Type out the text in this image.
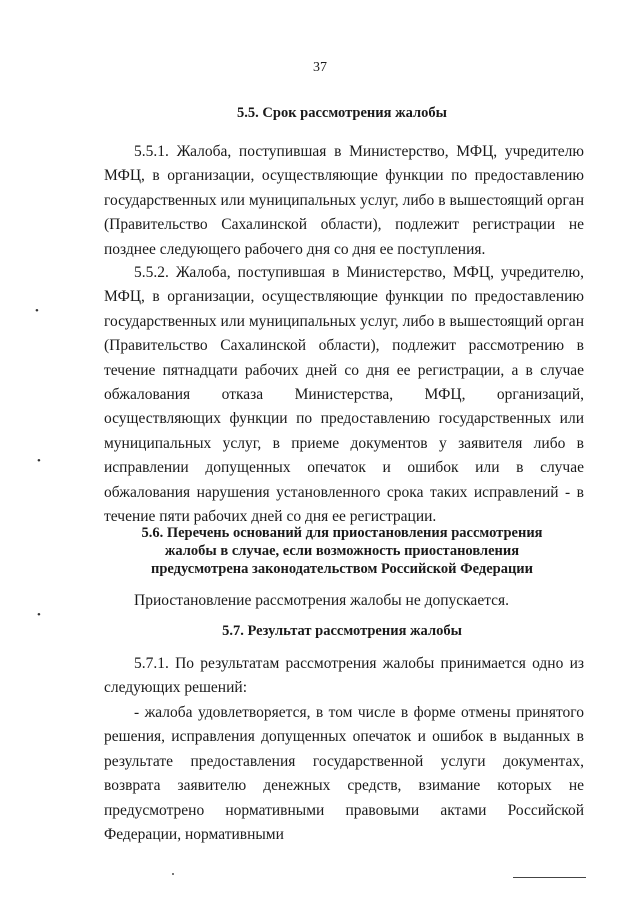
37
5.5. Срок рассмотрения жалобы

5.5.1. Жалоба, поступившая в Министерство, МФЦ, учредителю МФЦ, в организации, осуществляющие функции по предоставлению государственных или муниципальных услуг, либо в вышестоящий орган (Правительство Сахалинской области), подлежит регистрации не позднее следующего рабочего дня со дня ее поступления.

5.5.2. Жалоба, поступившая в Министерство, МФЦ, учредителю, МФЦ, в организации, осуществляющие функции по предоставлению государственных или муниципальных услуг, либо в вышестоящий орган (Правительство Сахалинской области), подлежит рассмотрению в течение пятнадцати рабочих дней со дня ее регистрации, а в случае обжалования отказа Министерства, МФЦ, организаций, осуществляющих функции по предоставлению государственных или муниципальных услуг, в приеме документов у заявителя либо в исправлении допущенных опечаток и ошибок или в случае обжалования нарушения установленного срока таких исправлений - в течение пяти рабочих дней со дня ее регистрации.

5.6. Перечень оснований для приостановления рассмотрения
жалобы в случае, если возможность приостановления
предусмотрена законодательством Российской Федерации

Приостановление рассмотрения жалобы не допускается.

5.7. Результат рассмотрения жалобы

5.7.1. По результатам рассмотрения жалобы принимается одно из следующих решений:

- жалоба удовлетворяется, в том числе в форме отмены принятого решения, исправления допущенных опечаток и ошибок в выданных в результате предоставления государственной услуги документах, возврата заявителю денежных средств, взимание которых не предусмотрено нормативными правовыми актами Российской Федерации, нормативными

•
•
•
